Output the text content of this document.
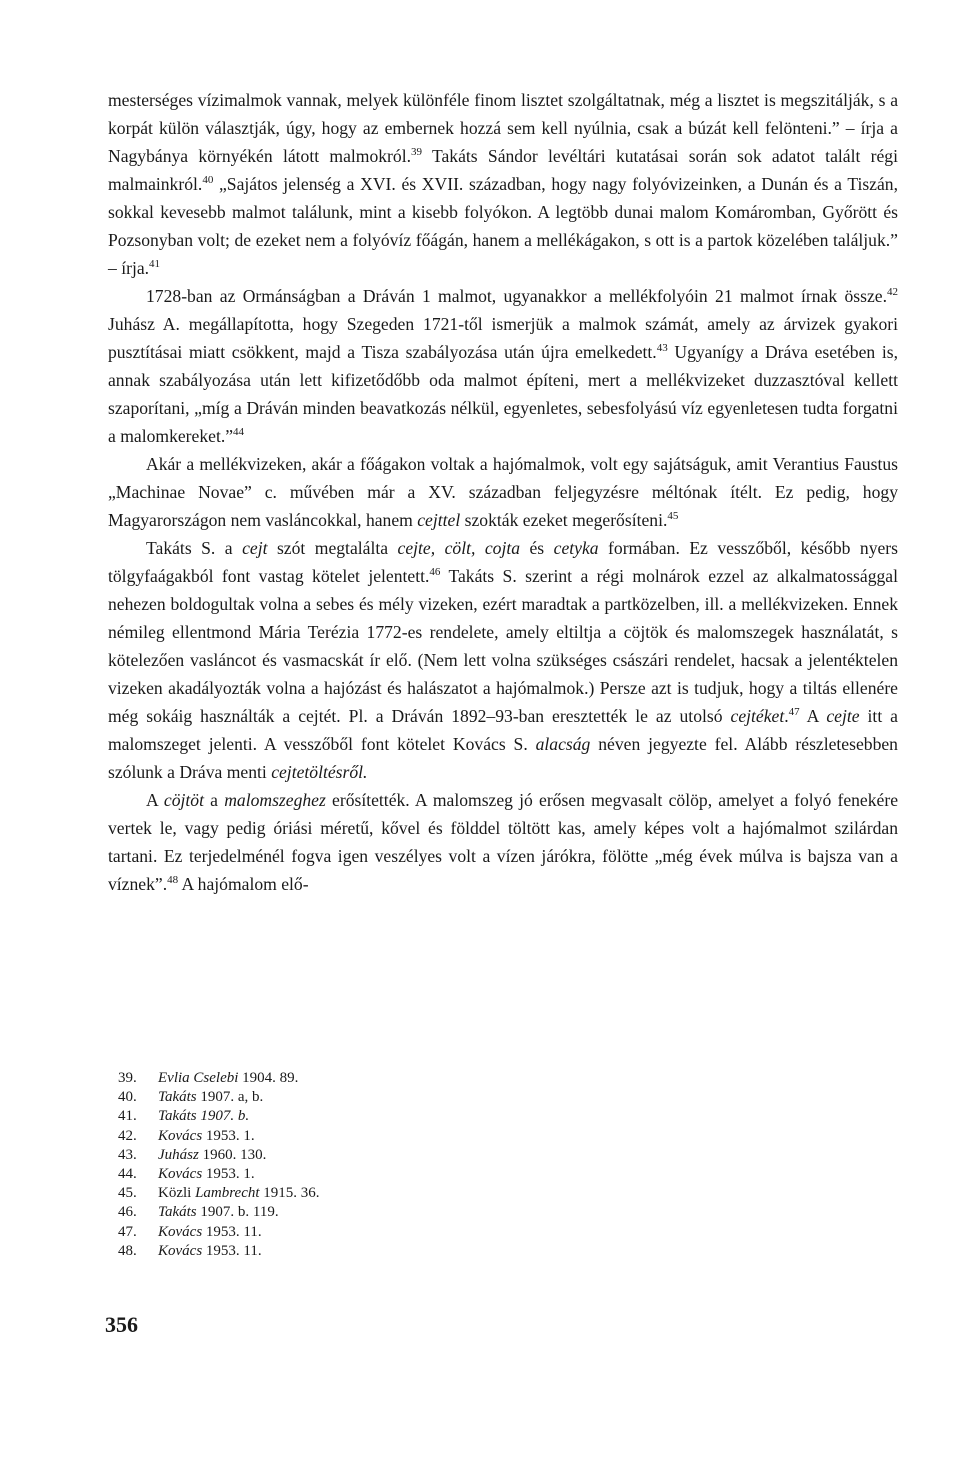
mesterséges vízimalmok vannak, melyek különféle finom lisztet szolgáltatnak, még a lisztet is megszitálják, s a korpát külön választják, úgy, hogy az embernek hozzá sem kell nyúlnia, csak a búzát kell felönteni.” – írja a Nagybánya környékén látott malmokról.$^{39}$ Takáts Sándor levéltári kutatásai során sok adatot talált régi malmainkról.$^{40}$ „Sajátos jelenség a XVI. és XVII. században, hogy nagy folyóvizeinken, a Dunán és a Tiszán, sokkal kevesebb malmot találunk, mint a kisebb folyókon. A legtöbb dunai malom Komáromban, Győrött és Pozsonyban volt; de ezeket nem a folyóvíz főágán, hanem a mellékágakon, s ott is a partok közelében találjuk.” – írja.$^{41}$

1728-ban az Ormánságban a Dráván 1 malmot, ugyanakkor a mellékfolyóin 21 malmot írnak össze.$^{42}$ Juhász A. megállapította, hogy Szegeden 1721-től ismerjük a malmok számát, amely az árvizek gyakori pusztításai miatt csökkent, majd a Tisza szabályozása után újra emelkedett.$^{43}$ Ugyanígy a Dráva esetében is, annak szabályozása után lett kifizetődőbb oda malmot építeni, mert a mellékvizeket duzzasztóval kellett szaporítani, „míg a Dráván minden beavatkozás nélkül, egyenletes, sebesfolyású víz egyenletesen tudta forgatni a malomkereket.”$^{44}$

Akár a mellékvizeken, akár a főágakon voltak a hajómalmok, volt egy sajátságuk, amit Verantius Faustus „Machinae Novae” c. művében már a XV. században feljegyzésre méltónak ítélt. Ez pedig, hogy Magyarországon nem vasláncokkal, hanem cejttel szokták ezeket megerősíteni.$^{45}$

Takáts S. a cejt szót megtalálta cejte, cölt, cojta és cetyka formában. Ez vesszőből, később nyers tölgyfaágakból font vastag kötelet jelentett.$^{46}$ Takáts S. szerint a régi molnárok ezzel az alkalmatossággal nehezen boldogultak volna a sebes és mély vizeken, ezért maradtak a partközelben, ill. a mellékvizeken. Ennek némileg ellentmond Mária Terézia 1772-es rendelete, amely eltiltja a cöjtök és malomszegek használatát, s kötelezően vasláncot és vasmacskát ír elő. (Nem lett volna szükséges császári rendelet, hacsak a jelentéktelen vizeken akadályozták volna a hajózást és halászatot a hajómalmok.) Persze azt is tudjuk, hogy a tiltás ellenére még sokáig használták a cejtét. Pl. a Dráván 1892–93-ban eresztették le az utolsó cejtéket.$^{47}$ A cejte itt a malomszeget jelenti. A vesszőből font kötelet Kovács S. alacság néven jegyezte fel. Alább részletesebben szólunk a Dráva menti cejtetöltésről.

A cöjtöt a malomszeghez erősítették. A malomszeg jó erősen megvasalt cölöp, amelyet a folyó fenekére vertek le, vagy pedig óriási méretű, kővel és földdel töltött kas, amely képes volt a hajómalmot szilárdan tartani. Ez terjedelménél fogva igen veszélyes volt a vízen járókra, fölötte „még évek múlva is bajsza van a víznek”.$^{48}$ A hajómalom elő-

39. Evlia Cselebi 1904. 89.
40. Takáts 1907. a, b.
41. Takáts 1907. b.
42. Kovács 1953. 1.
43. Juhász 1960. 130.
44. Kovács 1953. 1.
45. Közli Lambrecht 1915. 36.
46. Takáts 1907. b. 119.
47. Kovács 1953. 11.
48. Kovács 1953. 11.
356
